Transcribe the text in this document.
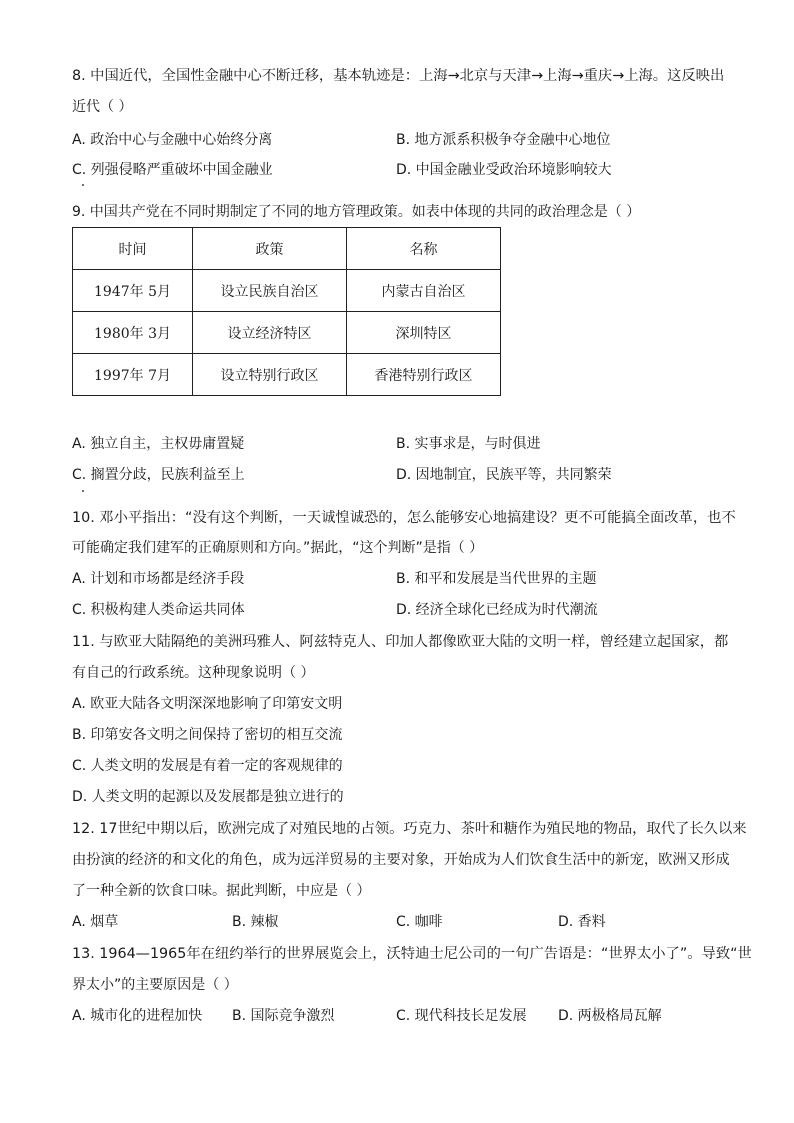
8. 中国近代，全国性金融中心不断迁移，基本轨迹是：上海→北京与天津→上海→重庆→上海。这反映出
近代（ ）
A. 政治中心与金融中心始终分离	B. 地方派系积极争夺金融中心地位
C. 列强侵略严重破坏中国金融业	D. 中国金融业受政治环境影响较大
9. 中国共产党在不同时期制定了不同的地方管理政策。如表中体现的共同的政治理念是（ ）
时间	政策	名称
1947年 5月	设立民族自治区	内蒙古自治区
1980年 3月	设立经济特区	深圳特区
1997年 7月	设立特别行政区	香港特别行政区
A. 独立自主，主权毋庸置疑	B. 实事求是，与时俱进
C. 搁置分歧，民族利益至上	D. 因地制宜，民族平等，共同繁荣
10. 邓小平指出：“没有这个判断，一天诚惶诚恐的，怎么能够安心地搞建设？更不可能搞全面改革，也不
可能确定我们建军的正确原则和方向。”据此，“这个判断”是指（ ）
A. 计划和市场都是经济手段	B. 和平和发展是当代世界的主题
C. 积极构建人类命运共同体	D. 经济全球化已经成为时代潮流
11. 与欧亚大陆隔绝的美洲玛雅人、阿兹特克人、印加人都像欧亚大陆的文明一样，曾经建立起国家，都
有自己的行政系统。这种现象说明（ ）
A. 欧亚大陆各文明深深地影响了印第安文明
B. 印第安各文明之间保持了密切的相互交流
C. 人类文明的发展是有着一定的客观规律的
D. 人类文明的起源以及发展都是独立进行的
12. 17世纪中期以后，欧洲完成了对殖民地的占领。巧克力、茶叶和糖作为殖民地的物品，取代了长久以来
由扮演的经济的和文化的角色，成为远洋贸易的主要对象，开始成为人们饮食生活中的新宠，欧洲又形成
了一种全新的饮食口味。据此判断，中应是（ ）
A. 烟草	B. 辣椒	C. 咖啡	D. 香料
13. 1964—1965年在纽约举行的世界展览会上，沃特迪士尼公司的一句广告语是：“世界太小了”。导致“世
界太小”的主要原因是（ ）
A. 城市化的进程加快 B. 国际竞争激烈	C. 现代科技长足发展 D. 两极格局瓦解
